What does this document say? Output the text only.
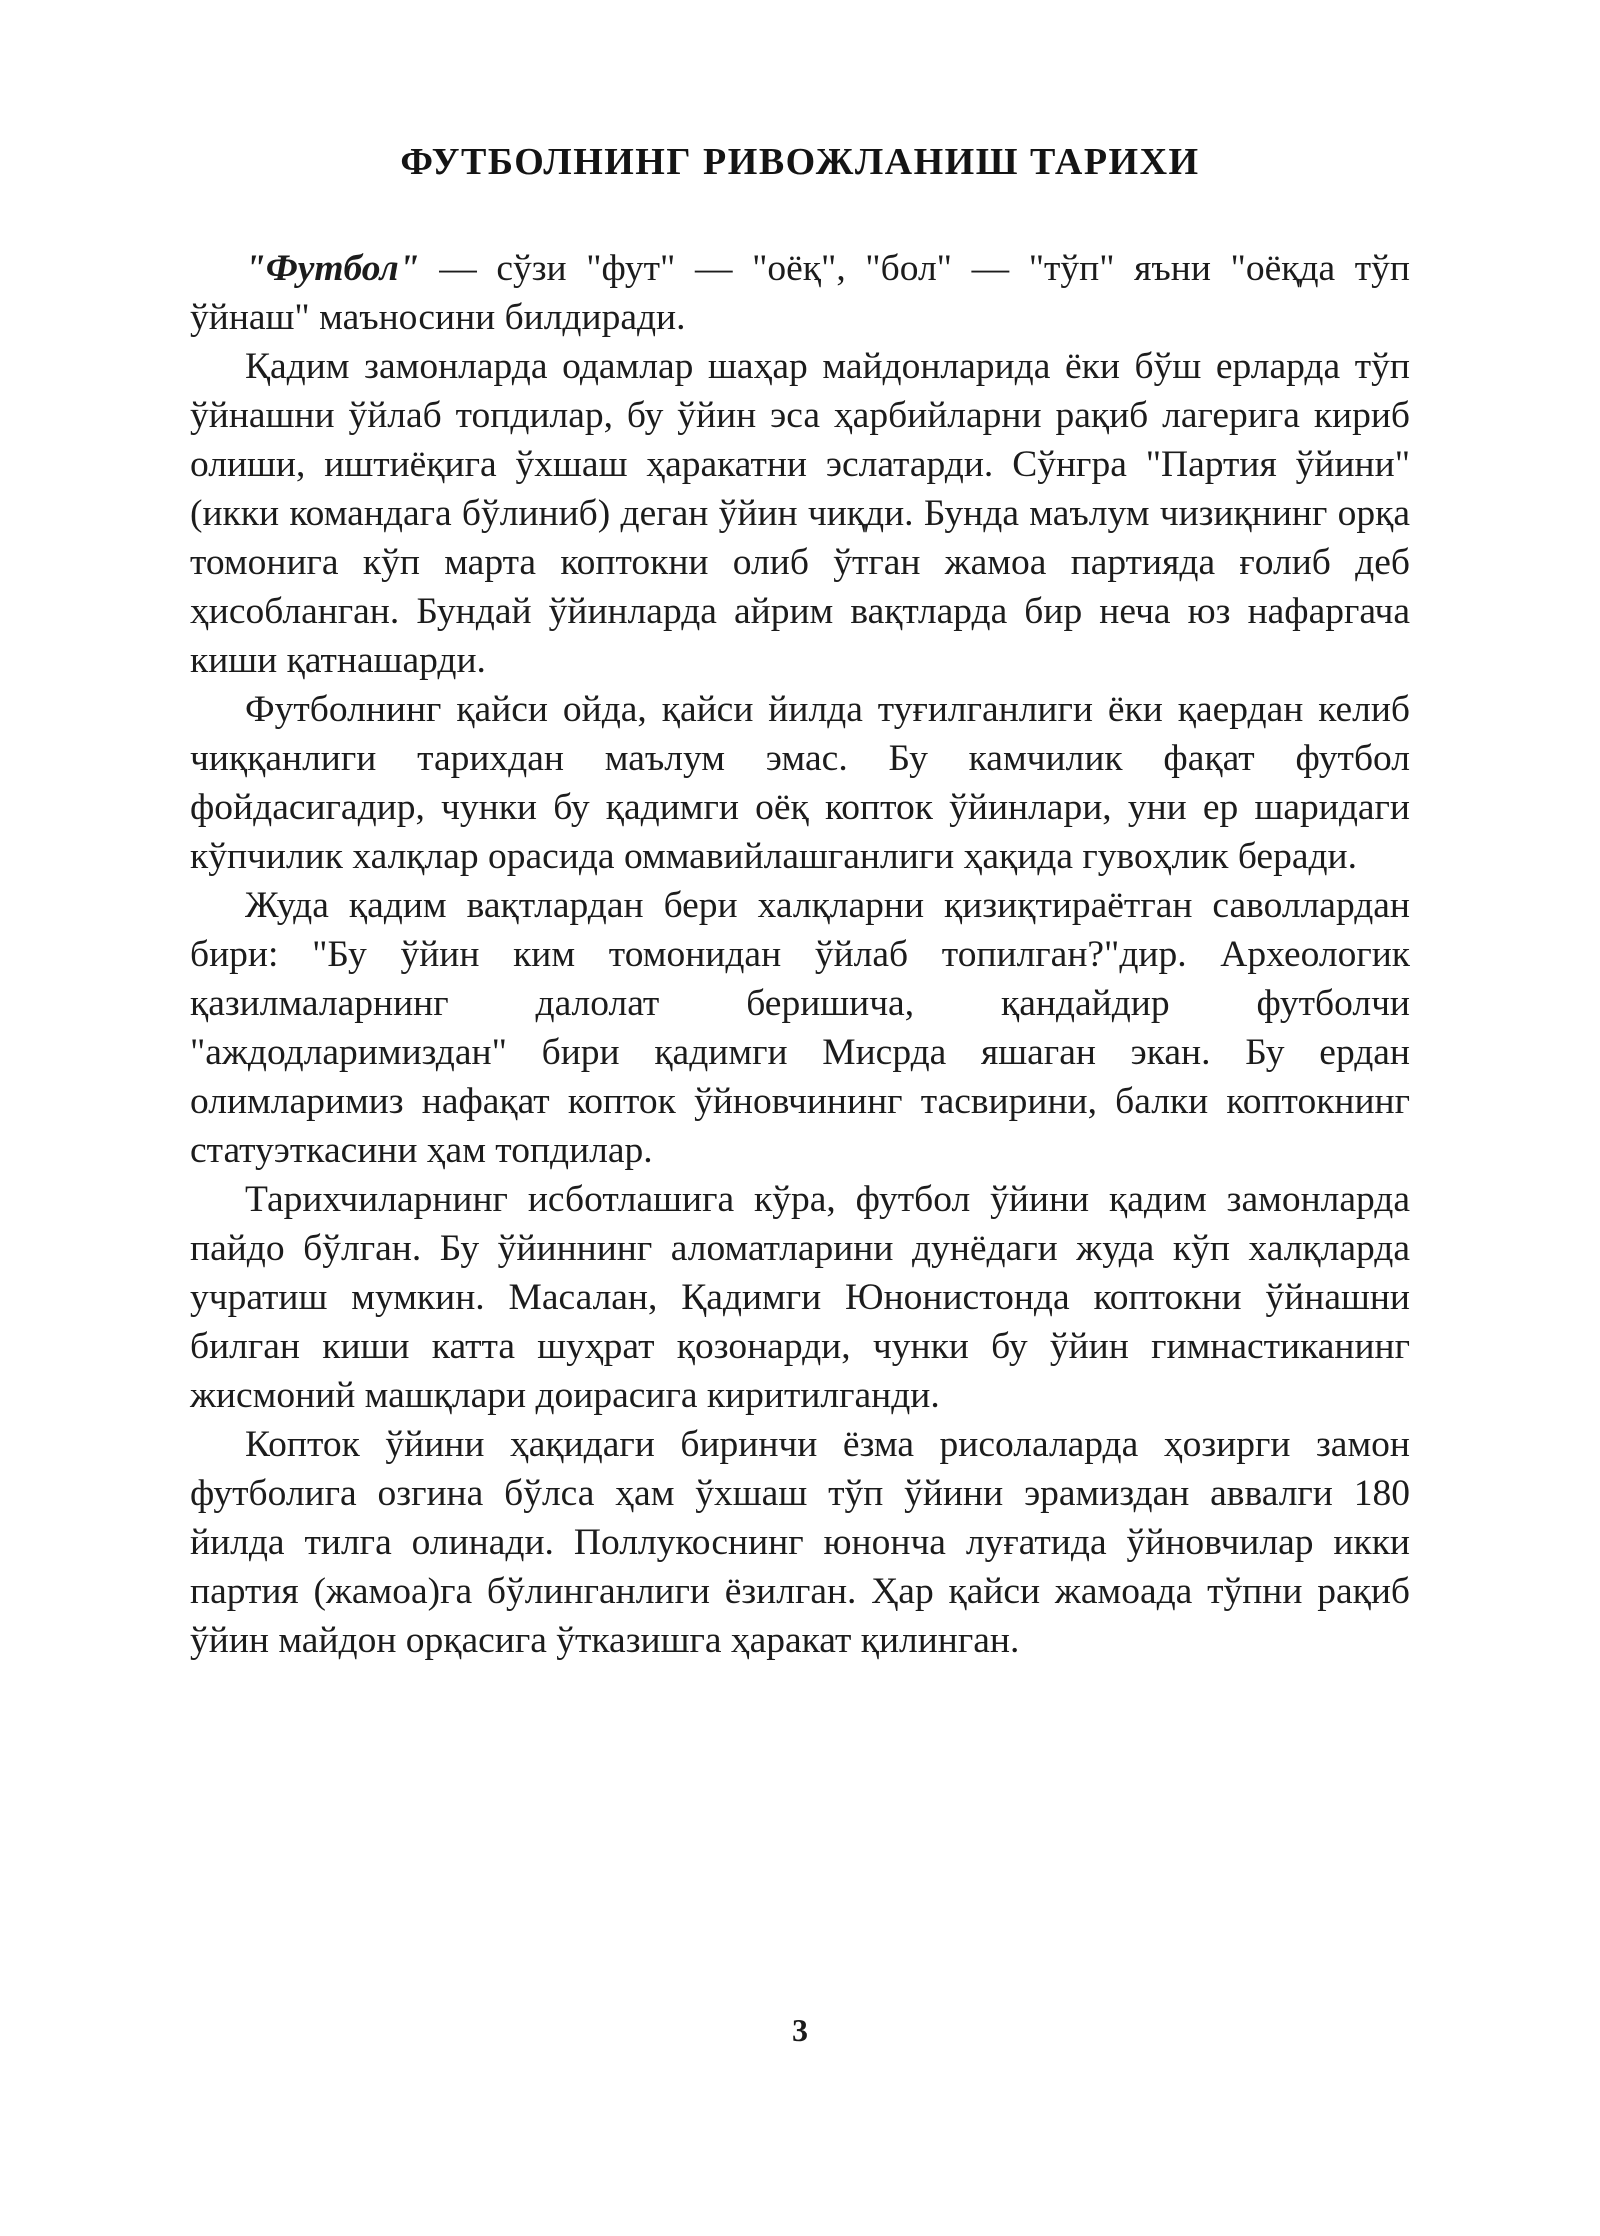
ФУТБОЛНИНГ РИВОЖЛАНИШ ТАРИХИ

"Футбол" — сўзи "фут" — "оёқ", "бол" — "тўп" яъни "оёқда тўп ўйнаш" маъносини билдиради.

Қадим замонларда одамлар шаҳар майдонларида ёки бўш ерларда тўп ўйнашни ўйлаб топдилар, бу ўйин эса ҳарбийларни рақиб лагерига кириб олиши, иштиёқига ўхшаш ҳаракатни эслатарди. Сўнгра "Партия ўйини" (икки командага бўлиниб) деган ўйин чиқди. Бунда маълум чизиқнинг орқа томонига кўп марта коптокни олиб ўтган жамоа партияда ғолиб деб ҳисобланган. Бундай ўйинларда айрим вақтларда бир неча юз нафаргача киши қатнашарди.

Футболнинг қайси ойда, қайси йилда туғилганлиги ёки қаердан келиб чиққанлиги тарихдан маълум эмас. Бу камчилик фақат футбол фойдасигадир, чунки бу қадимги оёқ копток ўйинлари, уни ер шаридаги кўпчилик халқлар орасида оммавийлашганлиги ҳақида гувоҳлик беради.

Жуда қадим вақтлардан бери халқларни қизиқтираётган саволлардан бири: "Бу ўйин ким томонидан ўйлаб топилган?"дир. Археологик қазилмаларнинг далолат беришича, қандайдир футболчи "аждодларимиздан" бири қадимги Мисрда яшаган экан. Бу ердан олимларимиз нафақат копток ўйновчининг тасвирини, балки коптокнинг статуэткасини ҳам топдилар.

Тарихчиларнинг исботлашига кўра, футбол ўйини қадим замонларда пайдо бўлган. Бу ўйиннинг аломатларини дунёдаги жуда кўп халқларда учратиш мумкин. Масалан, Қадимги Юнонистонда коптокни ўйнашни билган киши катта шуҳрат қозонарди, чунки бу ўйин гимнастиканинг жисмоний машқлари доирасига киритилганди.

Копток ўйини ҳақидаги биринчи ёзма рисолаларда ҳозирги замон футболига озгина бўлса ҳам ўхшаш тўп ўйини эрамиздан аввалги 180 йилда тилга олинади. Поллукоснинг юнонча луғатида ўйновчилар икки партия (жамоа)га бўлинганлиги ёзилган. Ҳар қайси жамоада тўпни рақиб ўйин майдон орқасига ўтказишга ҳаракат қилинган.

3
